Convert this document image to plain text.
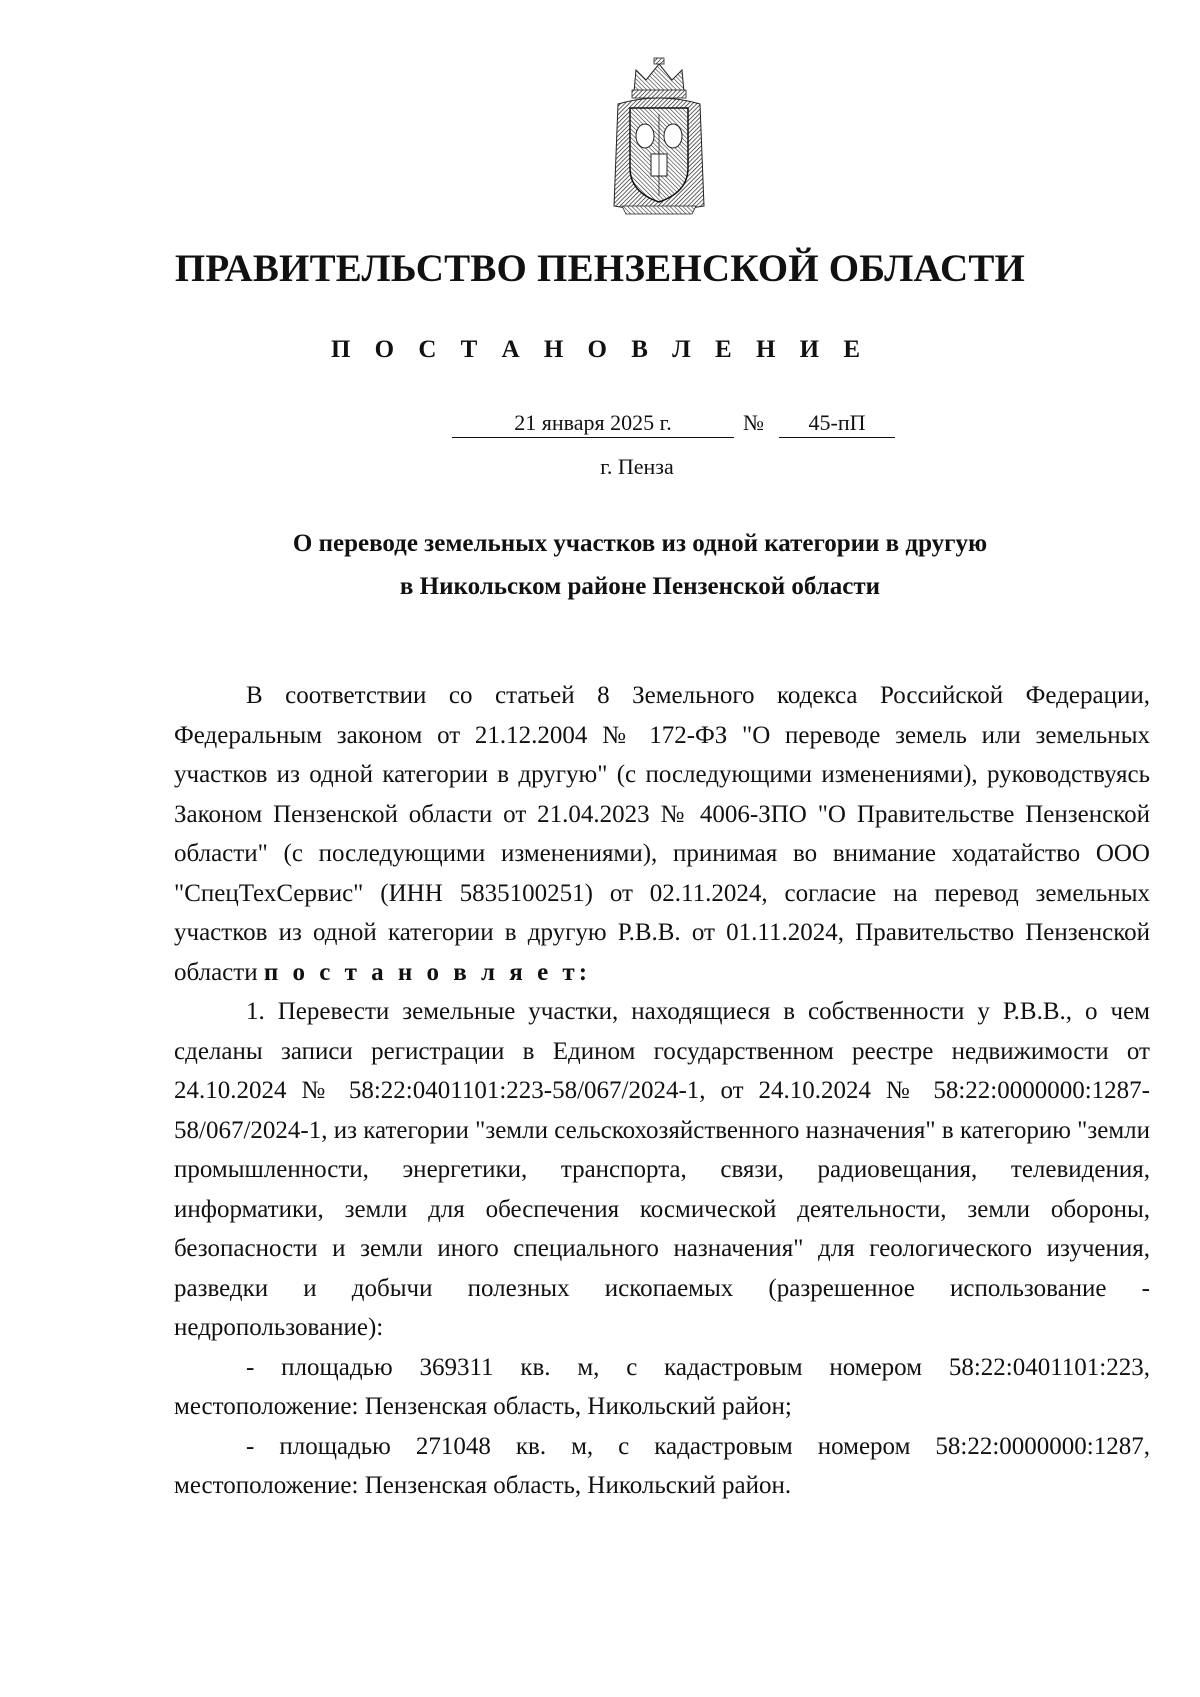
ПРАВИТЕЛЬСТВО ПЕНЗЕНСКОЙ ОБЛАСТИ
П О С Т А Н О В Л Е Н И Е
21 января 2025 г.	№	45-пП
г. Пенза
О переводе земельных участков из одной категории в другую
в Никольском районе Пензенской области

В соответствии со статьей 8 Земельного кодекса Российской Федерации, Федеральным законом от 21.12.2004 № 172-ФЗ "О переводе земель или земельных участков из одной категории в другую" (с последующими изменениями), руководствуясь Законом Пензенской области от 21.04.2023 № 4006-ЗПО "О Правительстве Пензенской области" (с последующими изменениями), принимая во внимание ходатайство ООО "СпецТехСервис" (ИНН 5835100251) от 02.11.2024, согласие на перевод земельных участков из одной категории в другую Р.В.В. от 01.11.2024, Правительство Пензенской области п о с т а н о в л я е т:

1. Перевести земельные участки, находящиеся в собственности у Р.В.В., о чем сделаны записи регистрации в Едином государственном реестре недвижимости от 24.10.2024 № 58:22:0401101:223-58/067/2024-1, от 24.10.2024 № 58:22:0000000:1287-58/067/2024-1, из категории "земли сельскохозяйственного назначения" в категорию "земли промышленности, энергетики, транспорта, связи, радиовещания, телевидения, информатики, земли для обеспечения космической деятельности, земли обороны, безопасности и земли иного специального назначения" для геологического изучения, разведки и добычи полезных ископаемых (разрешенное использование - недропользование):

- площадью 369311 кв. м, с кадастровым номером 58:22:0401101:223, местоположение: Пензенская область, Никольский район;

- площадью 271048 кв. м, с кадастровым номером 58:22:0000000:1287, местоположение: Пензенская область, Никольский район.
